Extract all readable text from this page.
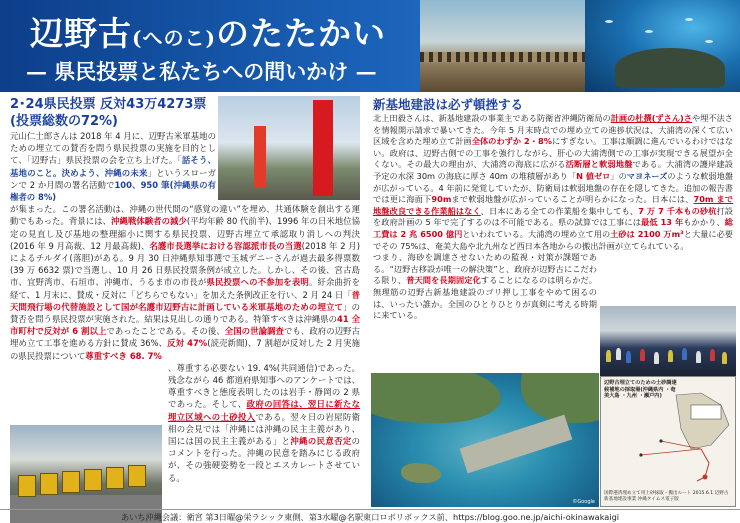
辺野古(へのこ)のたたかい
— 県民投票と私たちへの問いかけ —
2･24県民投票 反対43万4273票
(投票総数の72%)
元山仁士郎さんは 2018 年 4 月に、辺野古米軍基地のための埋立ての賛否を問う県民投票の実施を目的として、「辺野古」県民投票の会を立ち上げた。「話そう、基地のこと。決めよう、沖縄の未来」というスローガンで 2 か月間の署名活動で100、950 筆(沖縄県の有権者の 8%)
が集まった。この署名活動は、沖縄の世代間の“感覚の違い”を埋め、共通体験を創出する運動でもあった。背景には、沖縄戦体験者の減少(平均年齢 80 代前半)、1996 年の日米地位協定の見直し及び基地の整理縮小に関する県民投票、辺野古埋立て承認取り消しへの判決(2016 年 9 月高裁、12 月最高裁)、名護市長選挙における容認派市長の当選(2018 年 2 月)によるチルダイ(落胆)がある。9 月 30 日沖縄県知事選で玉城デニーさんが過去最多得票数(39 万 6632 票)で当選し、10 月 26 日県民投票条例が成立した。しかし、その後、宮古島市、宜野湾市、石垣市、沖縄市、うるま市の市長が県民投票への不参加を表明。紆余曲折を経て、1 月末に、賛成・反対に「どちらでもない」を加えた条例改正を行い、2 月 24 日「普天間飛行場の代替施設として国が名護市辺野古に計画している米軍基地のための埋立て」の賛否を問う県民投票が実施された。結果は見出しの通りである。特筆すべきは沖縄県の41 全市町村で反対が 6 割以上であったことである。その後、全国の世論調査でも、政府の辺野古埋め立て工事を進める方針に賛成 36%、反対 47%(読売新聞)、7 割超が反対した 2 月実施の県民投票について尊重すべき 68. 7%
、尊重する必要ない 19. 4%(共同通信)であった。残念ながら 46 都道府県知事へのアンケートでは、尊重すべきと態度表明したのは岩手・静岡の 2 県であった。そして、政府の回答は、翌日に新たな埋立区域への土砂投入である。翌々日の岩屋防衛相の会見では「沖縄には沖縄の民主主義があり、国には国の民主主義がある」と沖縄の民意否定のコメントを行った。沖縄の民意を踏みにじる政府が、その強硬姿勢を一段とエスカレートさせている。
新基地建設は必ず頓挫する
北上田毅さんは、新基地建設の事業主である防衛省沖縄防衛局の計画の杜撰(ずさん)さや埋不法さを情報開示請求で暴いてきた。今年 5 月末時点での埋め立ての進捗状況は、大浦湾の深くて広い区域を含めた埋め立て計画全体のわずか 2・8%にすぎない。工事は順調に進んでいるわけではない。政府は、辺野古側での工事を強行しながら、肝心の大浦湾側での工事が実現できる展望が全くない。その最大の理由が、大浦湾の海底に広がる活断層と軟弱地盤である。大浦湾の護岸建設予定の水深 30m の海底に厚さ 40m の堆積層があり「N 値ゼロ」のマヨネーズのような軟弱地盤が広がっている。4 年前に発覚していたが、防衛局は軟弱地盤の存在を隠してきた。追加の報告書では更に海面下90mまで軟弱地盤が広がっていることが明らかになった。日本には、70m まで地盤改良できる作業船はなく、日本にある全ての作業船を集中しても、7 万 7 千本もの砂杭打設を政府計画の 5 年で完了するのは不可能である。県の試算では工事には最低 13 年もかかり、総工費は 2 兆 6500 億円といわれている。大浦湾の埋め立て用の土砂は 2100 万m³と大量に必要でその 75%は、奄美大島や北九州など西日本各地からの搬出計画が立てられている。
つまり、海砂を調達させないための監視・対策が課題である。“辺野古移設が唯一の解決策”と、政府が辺野古にこだわる限り、普天間を長期固定化することになるのは明らかだ。無理筋の辺野古新基地建設のゴリ押し工事をやめて困るのは、いったい誰か。全国のひとりひとりが真剣に考える時期に来ている。
©Google
辺野古埋立てのための土砂調達候補地の採取場(沖縄県内 ・奄美大島 ・九州 ・瀬戸内)
国際港湾埋め立て用土砂採取・搬出ルート 2015.6.1 辺野古新基地建設事業 沖縄タイムス電子版
あいち沖縄会議：衛宮 第3日曜@栄ラシック東側、第3水曜@名駅東口ロボリボックス前、https://blog.goo.ne.jp/aichi-okinawakaigi
